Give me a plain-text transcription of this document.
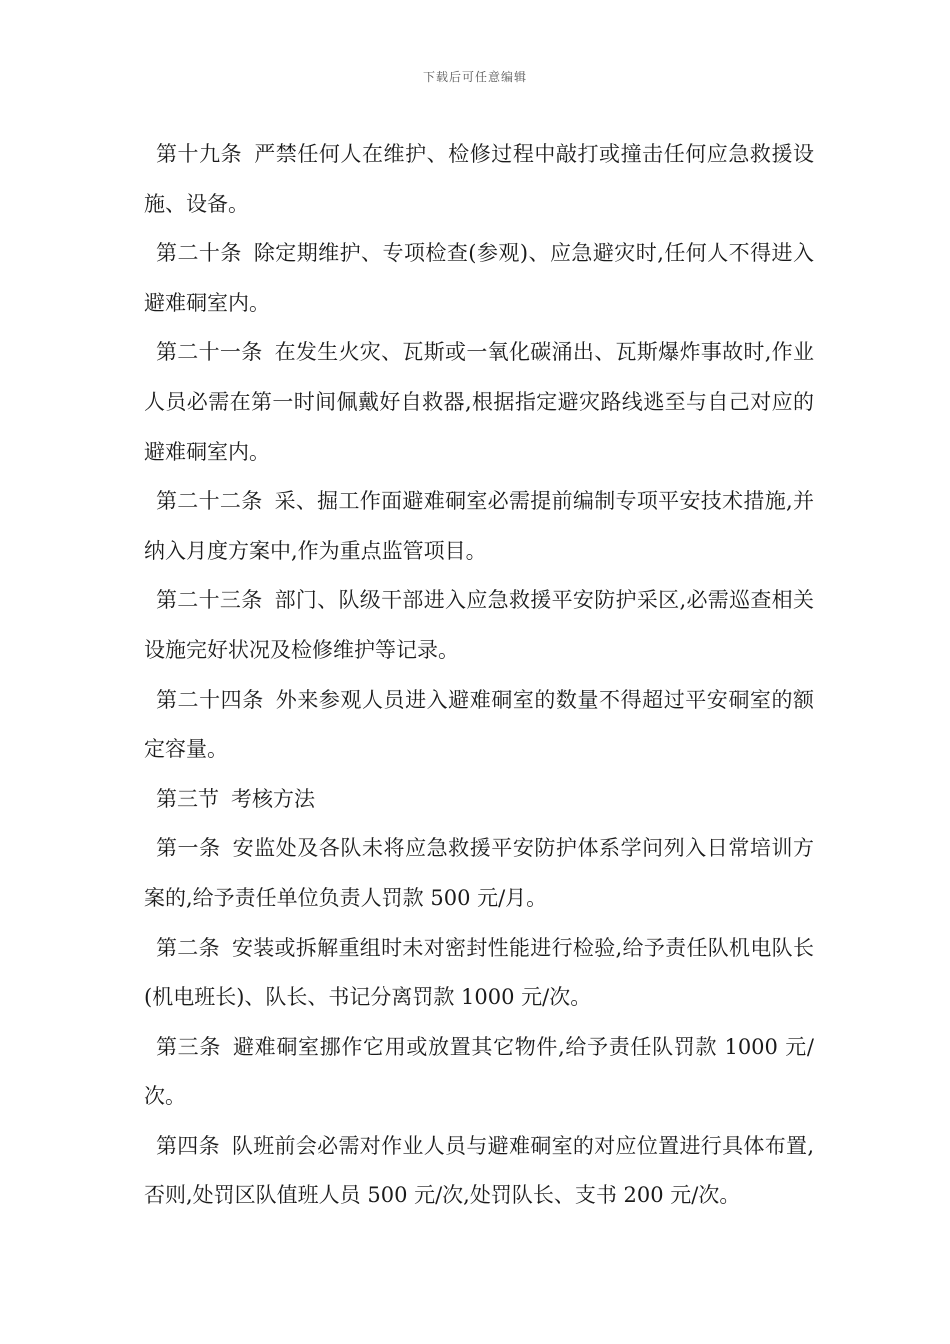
下载后可任意编辑

第十九条 严禁任何人在维护、检修过程中敲打或撞击任何应急救援设施、设备。

第二十条 除定期维护、专项检查(参观)、应急避灾时,任何人不得进入避难硐室内。

第二十一条 在发生火灾、瓦斯或一氧化碳涌出、瓦斯爆炸事故时,作业人员必需在第一时间佩戴好自救器,根据指定避灾路线逃至与自己对应的避难硐室内。

第二十二条 采、掘工作面避难硐室必需提前编制专项平安技术措施,并纳入月度方案中,作为重点监管项目。

第二十三条 部门、队级干部进入应急救援平安防护采区,必需巡查相关设施完好状况及检修维护等记录。

第二十四条 外来参观人员进入避难硐室的数量不得超过平安硐室的额定容量。

第三节 考核方法

第一条 安监处及各队未将应急救援平安防护体系学问列入日常培训方案的,给予责任单位负责人罚款 500 元/月。

第二条 安装或拆解重组时未对密封性能进行检验,给予责任队机电队长(机电班长)、队长、书记分离罚款 1000 元/次。

第三条 避难硐室挪作它用或放置其它物件,给予责任队罚款 1000 元/次。

第四条 队班前会必需对作业人员与避难硐室的对应位置进行具体布置,否则,处罚区队值班人员 500 元/次,处罚队长、支书 200 元/次。
